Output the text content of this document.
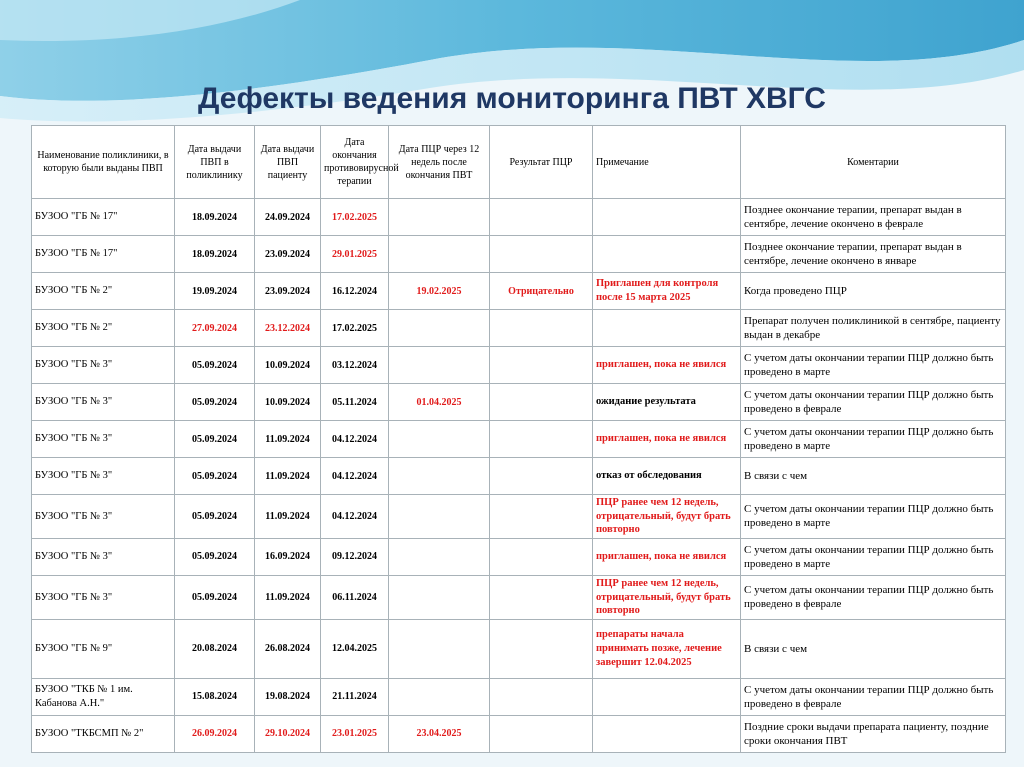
Дефекты ведения мониторинга ПВТ ХВГС
Наименование поликлиники, в которую были выданы ПВП	Дата выдачи ПВП в поликлинику	Дата выдачи ПВП пациенту	Дата окончания противовирусной терапии	Дата ПЦР через 12 недель после окончания ПВТ	Результат ПЦР	Примечание	Коментарии
БУЗОО "ГБ № 17"	18.09.2024	24.09.2024	17.02.2025				Позднее окончание терапии, препарат выдан в сентябре, лечение окончено в феврале
БУЗОО "ГБ № 17"	18.09.2024	23.09.2024	29.01.2025				Позднее окончание терапии, препарат выдан в сентябре, лечение окончено в январе
БУЗОО "ГБ № 2"	19.09.2024	23.09.2024	16.12.2024	19.02.2025	Отрицательно	Приглашен для контроля после 15 марта 2025	Когда проведено ПЦР
БУЗОО "ГБ № 2"	27.09.2024	23.12.2024	17.02.2025				Препарат получен поликлиникой в сентябре, пациенту выдан в декабре
БУЗОО "ГБ № 3"	05.09.2024	10.09.2024	03.12.2024			приглашен, пока не явился	С учетом даты окончании терапии ПЦР должно быть проведено в марте
БУЗОО "ГБ № 3"	05.09.2024	10.09.2024	05.11.2024	01.04.2025		ожидание результата	С учетом даты окончании терапии ПЦР должно быть проведено в феврале
БУЗОО "ГБ № 3"	05.09.2024	11.09.2024	04.12.2024			приглашен, пока не явился	С учетом даты окончании терапии ПЦР должно быть проведено в марте
БУЗОО "ГБ № 3"	05.09.2024	11.09.2024	04.12.2024			отказ от обследования	В связи с чем
БУЗОО "ГБ № 3"	05.09.2024	11.09.2024	04.12.2024			ПЦР ранее чем 12 недель, отрицательный, будут брать повторно	С учетом даты окончании терапии ПЦР должно быть проведено в марте
БУЗОО "ГБ № 3"	05.09.2024	16.09.2024	09.12.2024			приглашен, пока не явился	С учетом даты окончании терапии ПЦР должно быть проведено в марте
БУЗОО "ГБ № 3"	05.09.2024	11.09.2024	06.11.2024			ПЦР ранее чем 12 недель, отрицательный, будут брать повторно	С учетом даты окончании терапии ПЦР должно быть проведено в феврале
БУЗОО "ГБ № 9"	20.08.2024	26.08.2024	12.04.2025			препараты начала принимать позже, лечение завершит 12.04.2025	В связи с чем
БУЗОО "ТКБ № 1 им. Кабанова А.Н."	15.08.2024	19.08.2024	21.11.2024				С учетом даты окончании терапии ПЦР должно быть проведено в феврале
БУЗОО "ТКБСМП № 2"	26.09.2024	29.10.2024	23.01.2025	23.04.2025			Поздние сроки выдачи препарата пациенту, поздние сроки окончания ПВТ
